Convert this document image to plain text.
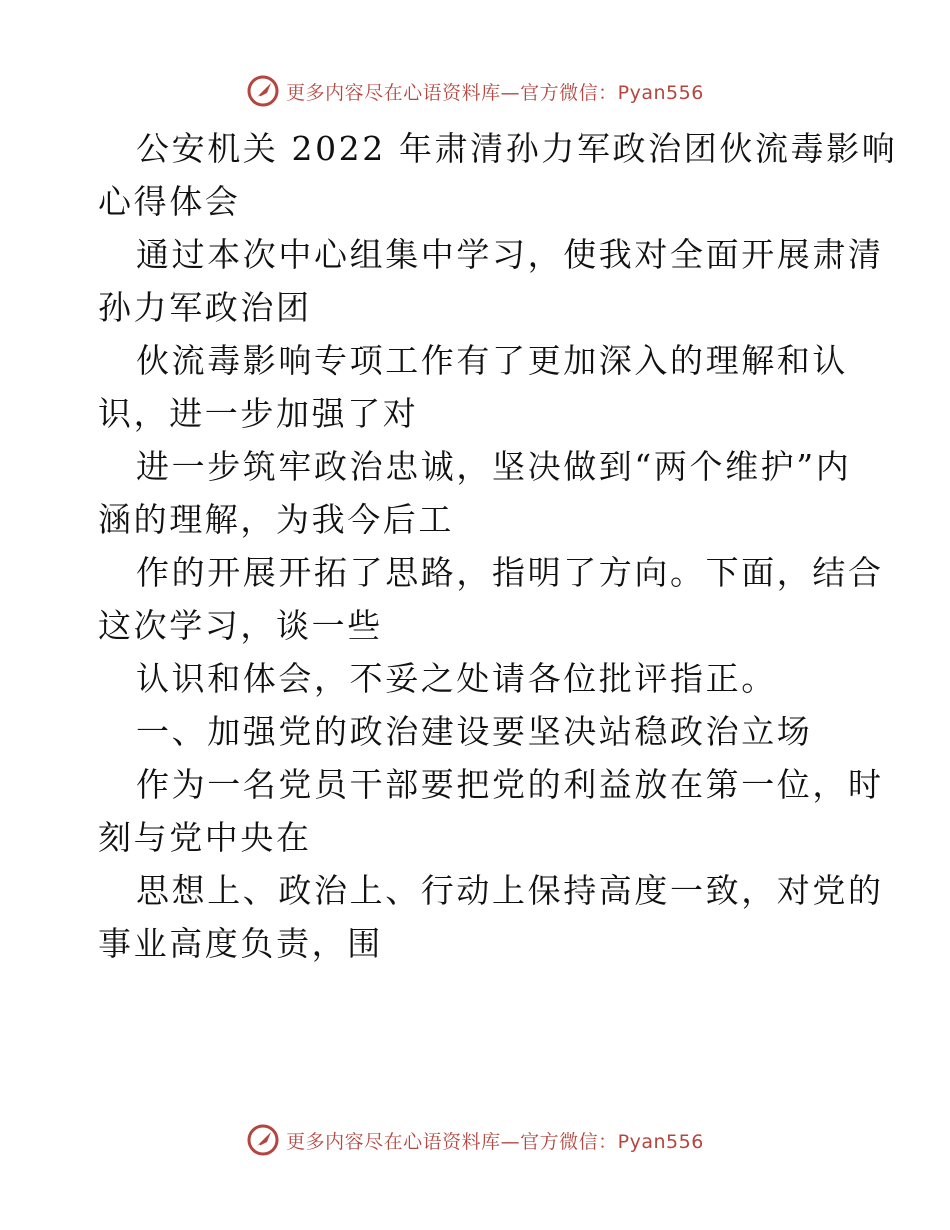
更多内容尽在心语资料库—官方微信：Pyan556

公安机关 2022 年肃清孙力军政治团伙流毒影响

心得体会

通过本次中心组集中学习，使我对全面开展肃清

孙力军政治团

伙流毒影响专项工作有了更加深入的理解和认

识，进一步加强了对

进一步筑牢政治忠诚，坚决做到“两个维护”内

涵的理解，为我今后工

作的开展开拓了思路，指明了方向。下面，结合

这次学习，谈一些

认识和体会，不妥之处请各位批评指正。

一、加强党的政治建设要坚决站稳政治立场

作为一名党员干部要把党的利益放在第一位，时

刻与党中央在

思想上、政治上、行动上保持高度一致，对党的

事业高度负责，围

更多内容尽在心语资料库—官方微信：Pyan556
